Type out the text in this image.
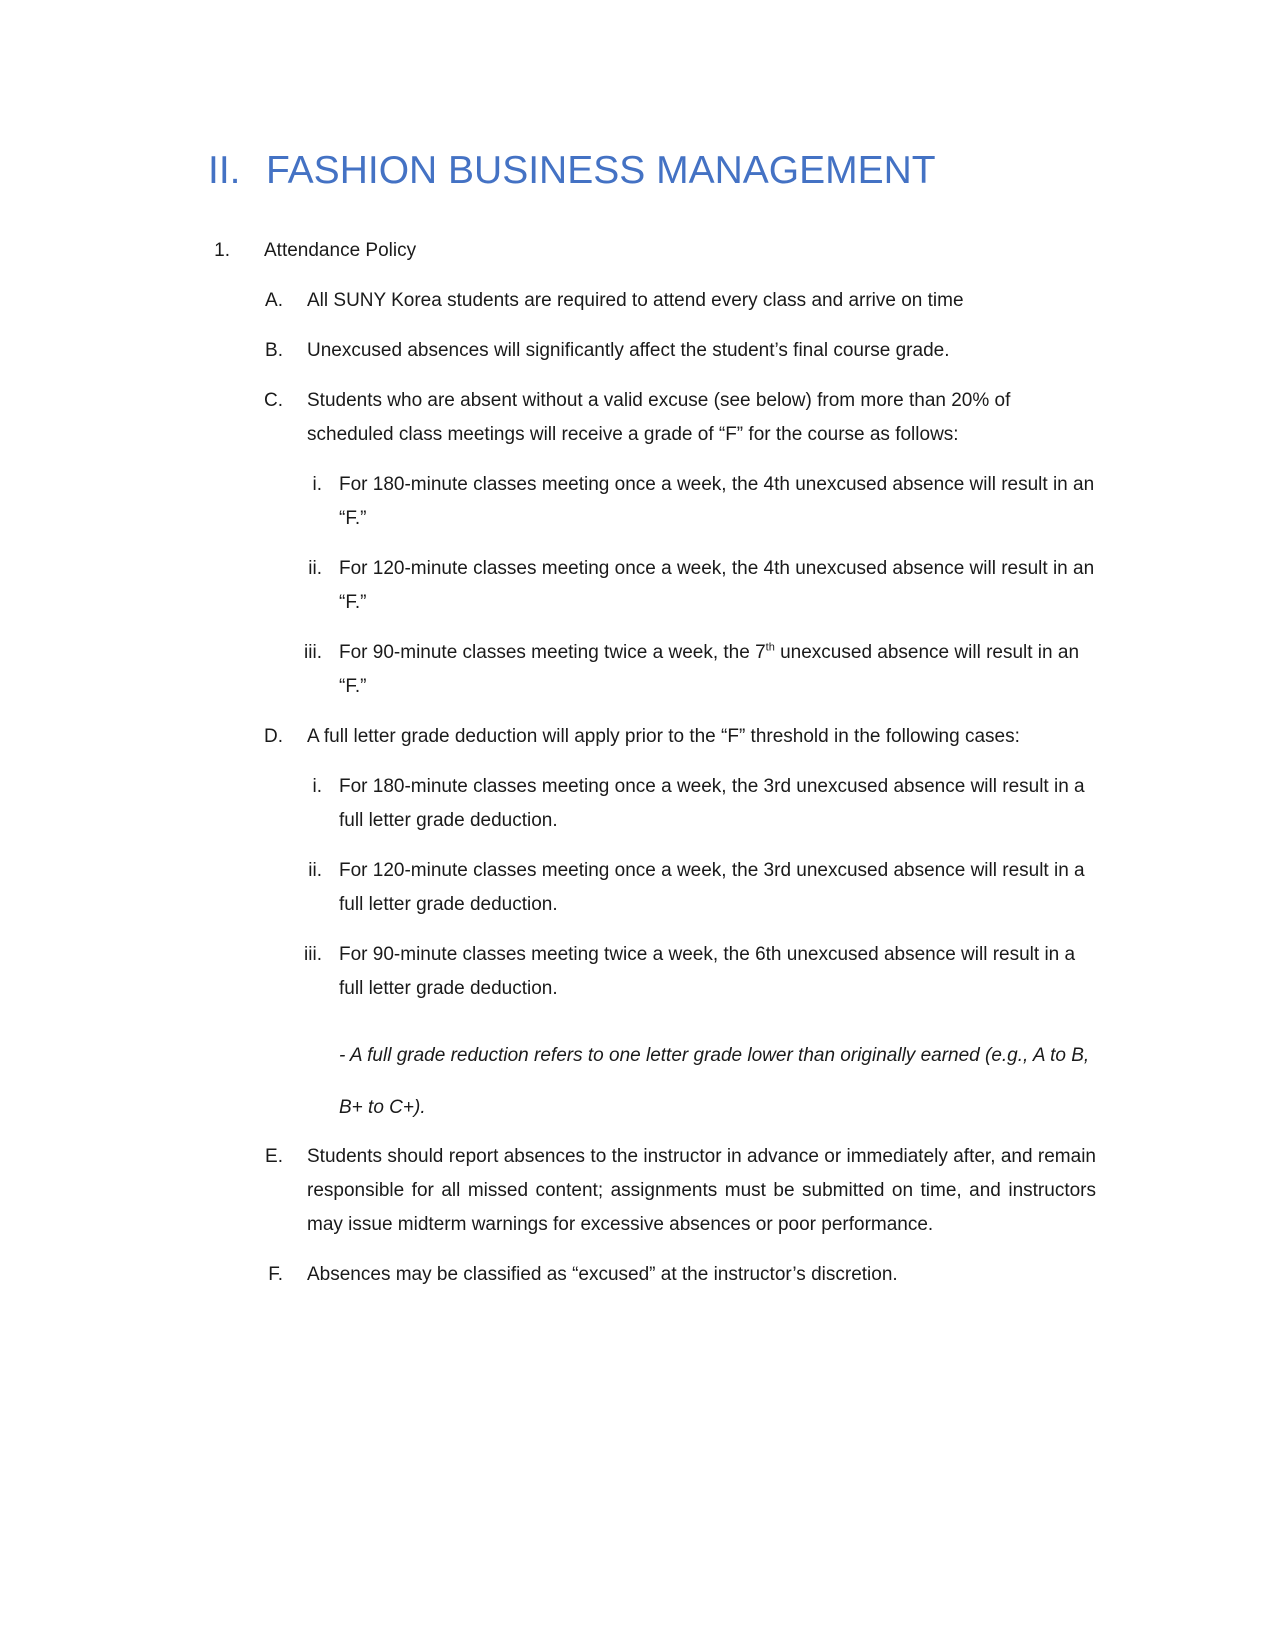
II. FASHION BUSINESS MANAGEMENT
1. Attendance Policy
A. All SUNY Korea students are required to attend every class and arrive on time
B. Unexcused absences will significantly affect the student’s final course grade.
C. Students who are absent without a valid excuse (see below) from more than 20% of scheduled class meetings will receive a grade of “F” for the course as follows:
i. For 180-minute classes meeting once a week, the 4th unexcused absence will result in an “F.”
ii. For 120-minute classes meeting once a week, the 4th unexcused absence will result in an “F.”
iii. For 90-minute classes meeting twice a week, the 7th unexcused absence will result in an “F.”
D. A full letter grade deduction will apply prior to the “F” threshold in the following cases:
i. For 180-minute classes meeting once a week, the 3rd unexcused absence will result in a full letter grade deduction.
ii. For 120-minute classes meeting once a week, the 3rd unexcused absence will result in a full letter grade deduction.
iii. For 90-minute classes meeting twice a week, the 6th unexcused absence will result in a full letter grade deduction.
- A full grade reduction refers to one letter grade lower than originally earned (e.g., A to B, B+ to C+).
E. Students should report absences to the instructor in advance or immediately after, and remain responsible for all missed content; assignments must be submitted on time, and instructors may issue midterm warnings for excessive absences or poor performance.
F. Absences may be classified as “excused” at the instructor’s discretion.
